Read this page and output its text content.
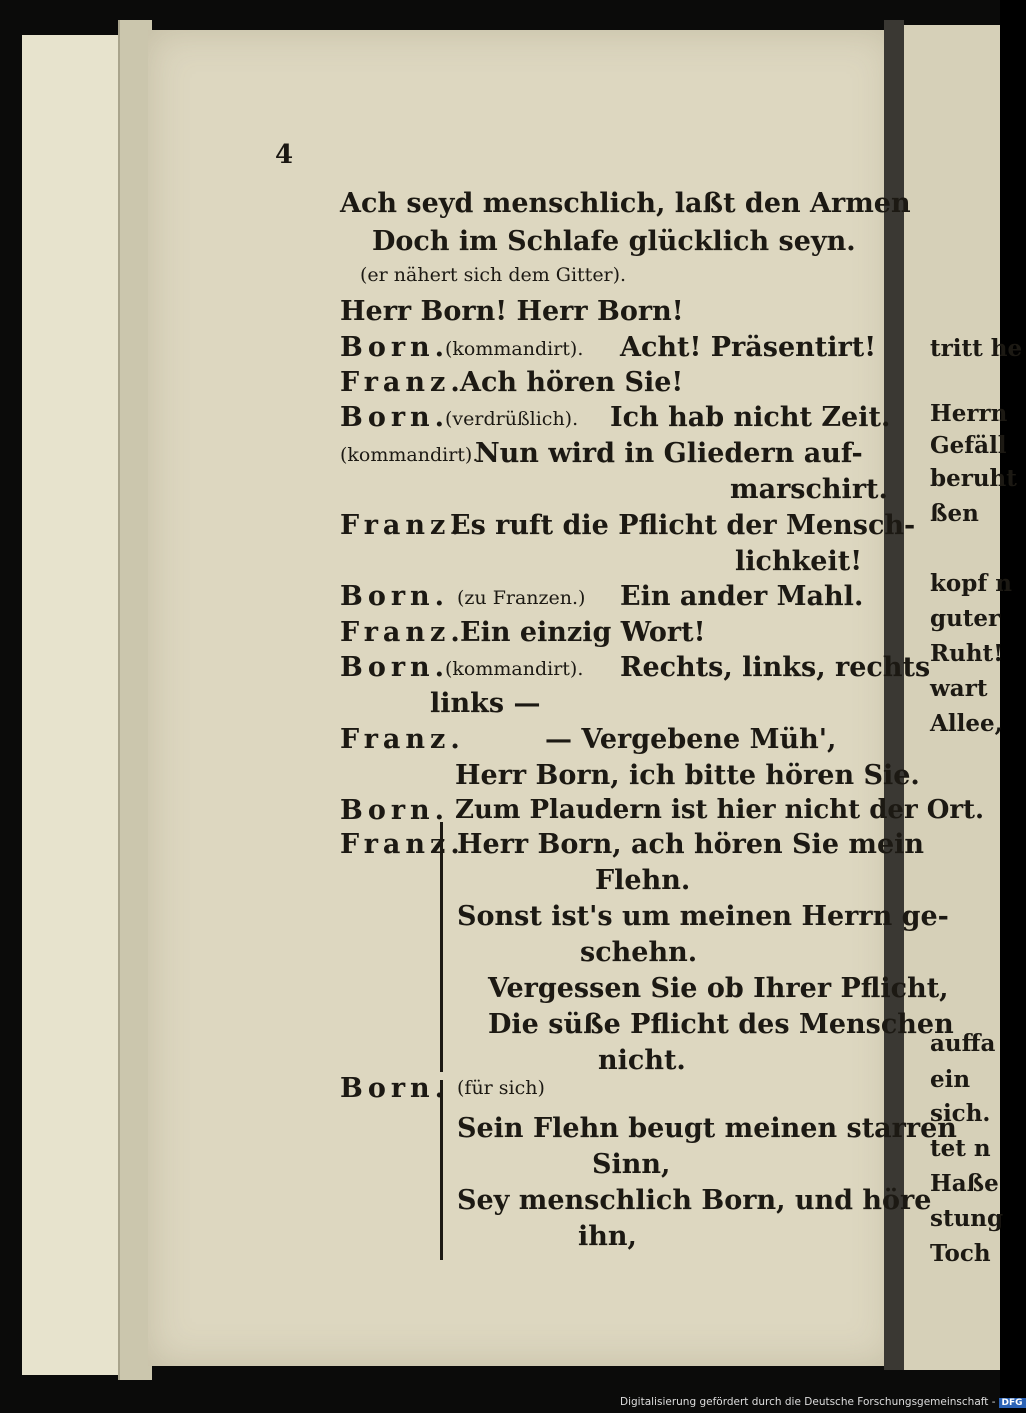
4
Ach seyd menschlich, laßt den Armen
Doch im Schlafe glücklich seyn.
(er nähert sich dem Gitter).
Herr Born! Herr Born!
Born.
(kommandirt). Acht! Präsentirt!
Franz.
Ach hören Sie!
Born.
(verdrüßlich). Ich hab nicht Zeit.
(kommandirt).
Nun wird in Gliedern auf-
marschirt.
Franz.
Es ruft die Pflicht der Mensch-
lichkeit!
Born. (zu Franzen.) Ein ander Mahl.
Franz.
Ein einzig Wort!
Born.
(kommandirt). Rechts, links, rechts
links —
Franz.	— Vergebene Müh',
Herr Born, ich bitte hören Sie.
Born. Zum Plaudern ist hier nicht der Ort.
Franz.
Herr Born, ach hören Sie mein
Flehn.
Sonst ist's um meinen Herrn ge-
schehn.
Vergessen Sie ob Ihrer Pflicht,
Die süße Pflicht des Menschen
nicht.
Born. (für sich)
Sein Flehn beugt meinen starren
Sinn,
Sey menschlich Born, und höre
ihn,
tritt he
Herrn
Gefäll
beruht
ßen
kopf n
guter
Ruht!
wart
Allee,
auffa
ein
sich.
tet n
Haße
stung
Toch
Digitalisierung gefördert durch die Deutsche Forschungsgemeinschaft - DFG
